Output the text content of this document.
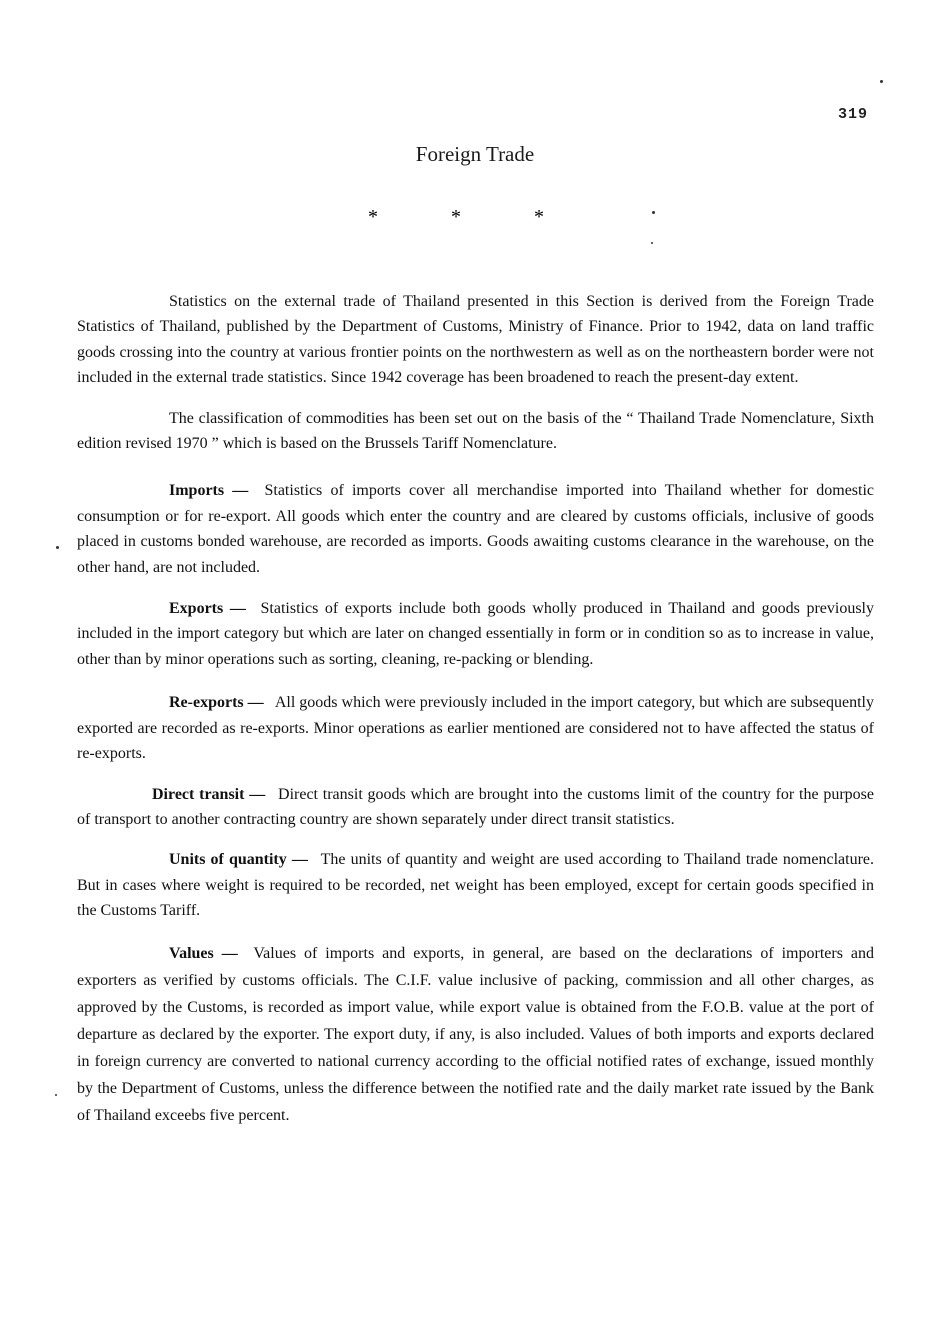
319
Foreign Trade
* * *

Statistics on the external trade of Thailand presented in this Section is derived from the Foreign Trade Statistics of Thailand, published by the Department of Customs, Ministry of Finance. Prior to 1942, data on land traffic goods crossing into the country at various frontier points on the northwestern as well as on the northeastern border were not included in the external trade statistics. Since 1942 coverage has been broadened to reach the present-day extent.

The classification of commodities has been set out on the basis of the “ Thailand Trade Nomenclature, Sixth edition revised 1970 ” which is based on the Brussels Tariff Nomenclature.

Imports — Statistics of imports cover all merchandise imported into Thailand whether for domestic consumption or for re-export. All goods which enter the country and are cleared by customs officials, inclusive of goods placed in customs bonded warehouse, are recorded as imports. Goods awaiting customs clearance in the warehouse, on the other hand, are not included.

Exports — Statistics of exports include both goods wholly produced in Thailand and goods previously included in the import category but which are later on changed essentially in form or in condition so as to increase in value, other than by minor operations such as sorting, cleaning, re-packing or blending.

Re-exports — All goods which were previously included in the import category, but which are subsequently exported are recorded as re-exports. Minor operations as earlier mentioned are considered not to have affected the status of re-exports.

Direct transit — Direct transit goods which are brought into the customs limit of the country for the purpose of transport to another contracting country are shown separately under direct transit statistics.

Units of quantity — The units of quantity and weight are used according to Thailand trade nomenclature. But in cases where weight is required to be recorded, net weight has been employed, except for certain goods specified in the Customs Tariff.

Values — Values of imports and exports, in general, are based on the declarations of importers and exporters as verified by customs officials. The C.I.F. value inclusive of packing, commission and all other charges, as approved by the Customs, is recorded as import value, while export value is obtained from the F.O.B. value at the port of departure as declared by the exporter. The export duty, if any, is also included. Values of both imports and exports declared in foreign currency are converted to national currency according to the official notified rates of exchange, issued monthly by the Department of Customs, unless the difference between the notified rate and the daily market rate issued by the Bank of Thailand exceebs five percent.
